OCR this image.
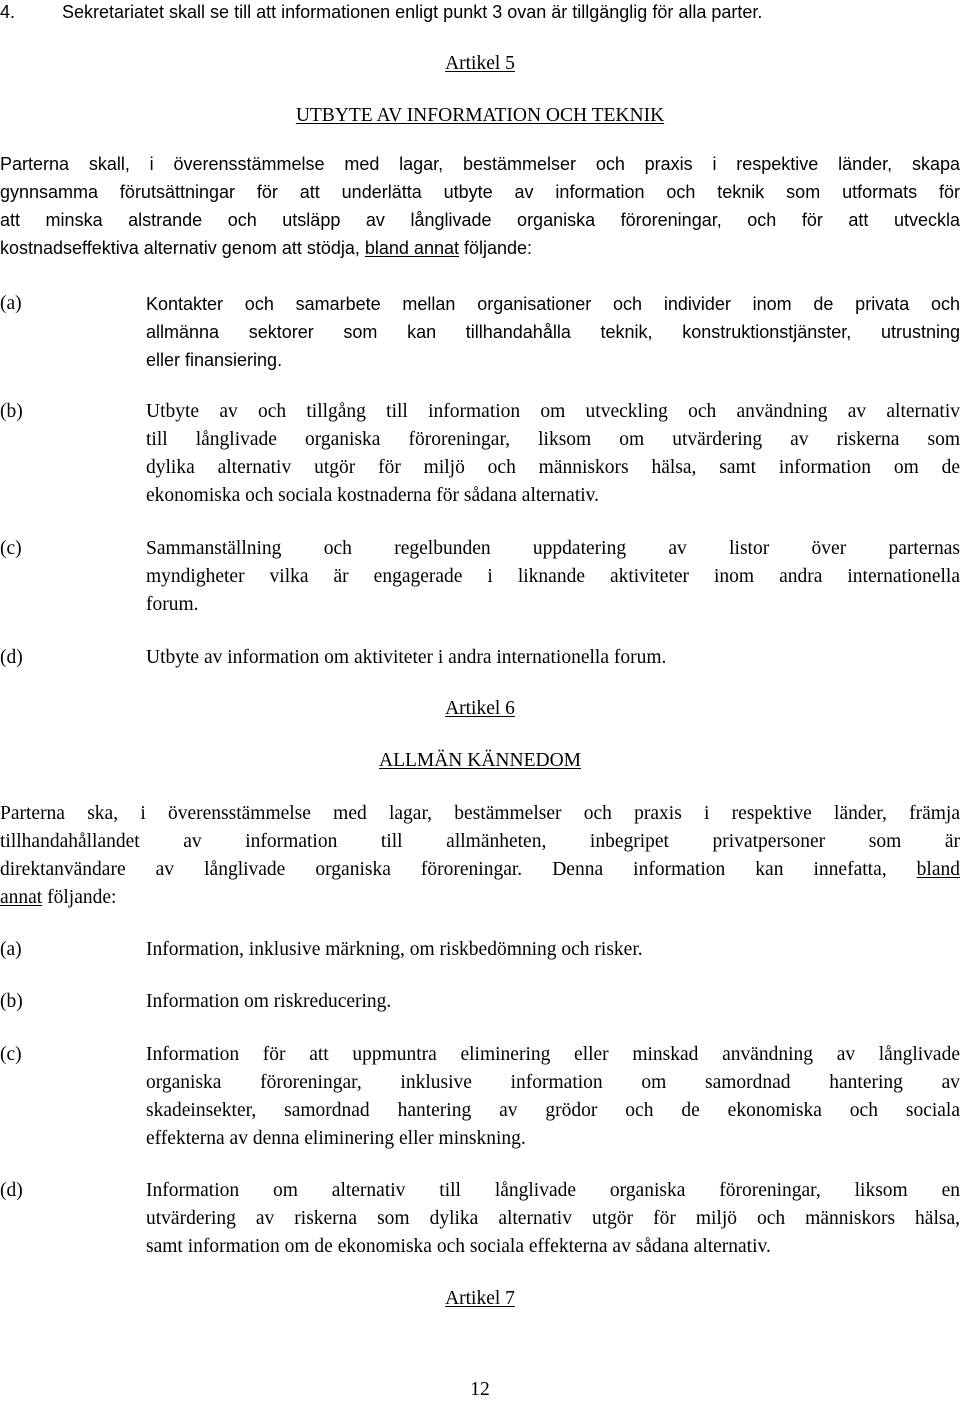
4.	Sekretariatet skall se till att informationen enligt punkt 3 ovan är tillgänglig för alla parter.
Artikel 5
UTBYTE AV INFORMATION OCH TEKNIK
Parterna skall, i överensstämmelse med lagar, bestämmelser och praxis i respektive länder, skapa
gynnsamma förutsättningar för att underlätta utbyte av information och teknik som utformats för
att minska alstrande och utsläpp av långlivade organiska föroreningar, och för att utveckla
kostnadseffektiva alternativ genom att stödja, bland annat följande:
(a)	Kontakter och samarbete mellan organisationer och individer inom de privata och
allmänna sektorer som kan tillhandahålla teknik, konstruktionstjänster, utrustning
eller finansiering.
(b)	Utbyte av och tillgång till information om utveckling och användning av alternativ
till långlivade organiska föroreningar, liksom om utvärdering av riskerna som
dylika alternativ utgör för miljö och människors hälsa, samt information om de
ekonomiska och sociala kostnaderna för sådana alternativ.
(c)	Sammanställning och regelbunden uppdatering av listor över parternas
myndigheter vilka är engagerade i liknande aktiviteter inom andra internationella
forum.
(d)	Utbyte av information om aktiviteter i andra internationella forum.
Artikel 6
ALLMÄN KÄNNEDOM
Parterna ska, i överensstämmelse med lagar, bestämmelser och praxis i respektive länder, främja
tillhandahållandet av information till allmänheten, inbegripet privatpersoner som är
direktanvändare av långlivade organiska föroreningar. Denna information kan innefatta, bland
annat följande:
(a)	Information, inklusive märkning, om riskbedömning och risker.
(b)	Information om riskreducering.
(c)	Information för att uppmuntra eliminering eller minskad användning av långlivade
organiska föroreningar, inklusive information om samordnad hantering av
skadeinsekter, samordnad hantering av grödor och de ekonomiska och sociala
effekterna av denna eliminering eller minskning.
(d)	Information om alternativ till långlivade organiska föroreningar, liksom en
utvärdering av riskerna som dylika alternativ utgör för miljö och människors hälsa,
samt information om de ekonomiska och sociala effekterna av sådana alternativ.
Artikel 7
12
